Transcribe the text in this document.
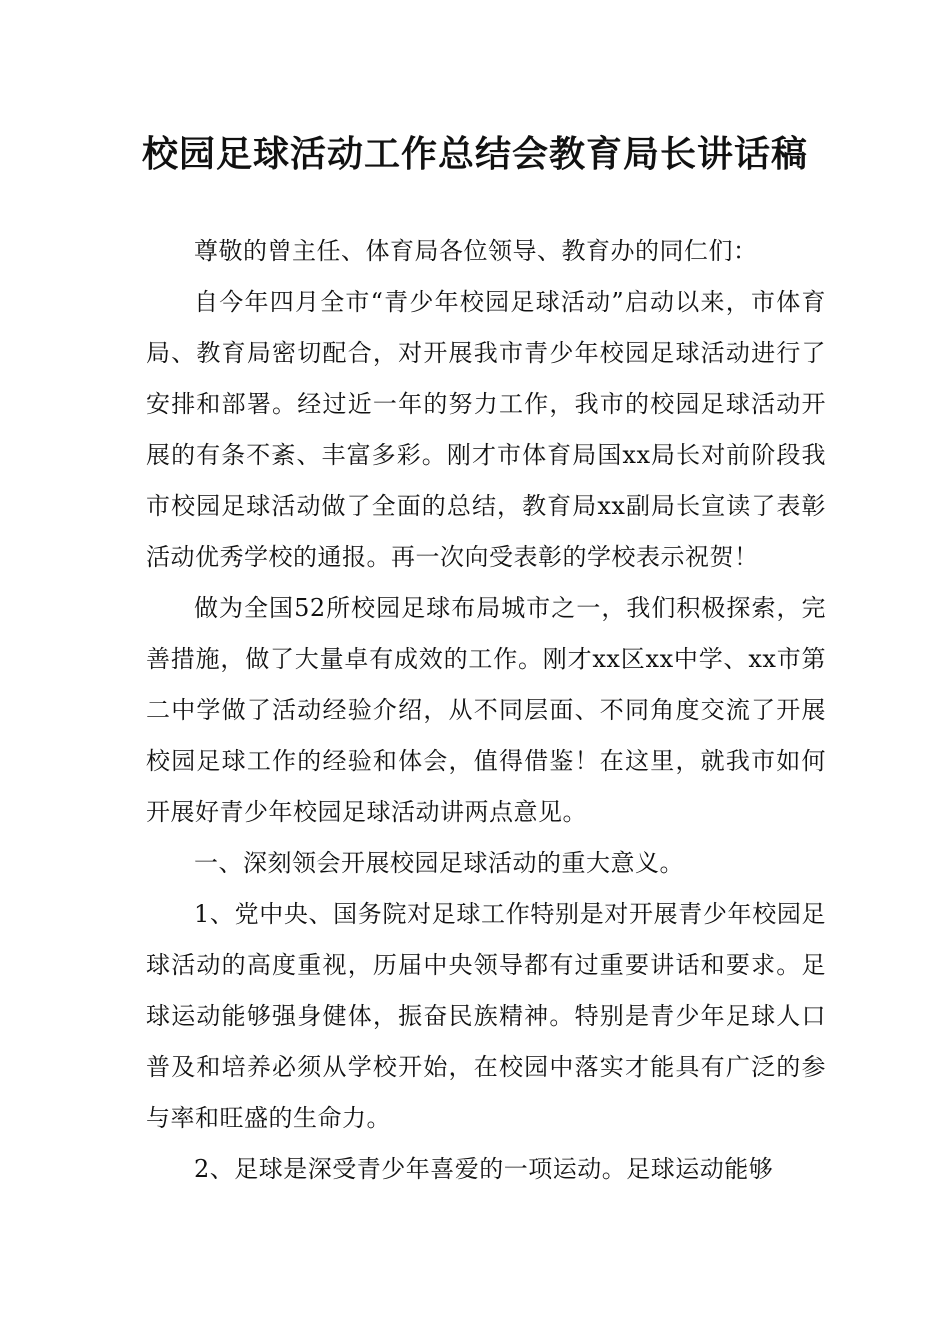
校园足球活动工作总结会教育局长讲话稿

尊敬的曾主任、体育局各位领导、教育办的同仁们：

自今年四月全市“青少年校园足球活动”启动以来，市体育局、教育局密切配合，对开展我市青少年校园足球活动进行了安排和部署。经过近一年的努力工作，我市的校园足球活动开展的有条不紊、丰富多彩。刚才市体育局国xx局长对前阶段我市校园足球活动做了全面的总结，教育局xx副局长宣读了表彰活动优秀学校的通报。再一次向受表彰的学校表示祝贺！

做为全国52所校园足球布局城市之一，我们积极探索，完善措施，做了大量卓有成效的工作。刚才xx区xx中学、xx市第二中学做了活动经验介绍，从不同层面、不同角度交流了开展校园足球工作的经验和体会，值得借鉴！在这里，就我市如何开展好青少年校园足球活动讲两点意见。

一、深刻领会开展校园足球活动的重大意义。

1、党中央、国务院对足球工作特别是对开展青少年校园足球活动的高度重视，历届中央领导都有过重要讲话和要求。足球运动能够强身健体，振奋民族精神。特别是青少年足球人口普及和培养必须从学校开始，在校园中落实才能具有广泛的参与率和旺盛的生命力。

2、足球是深受青少年喜爱的一项运动。足球运动能够
